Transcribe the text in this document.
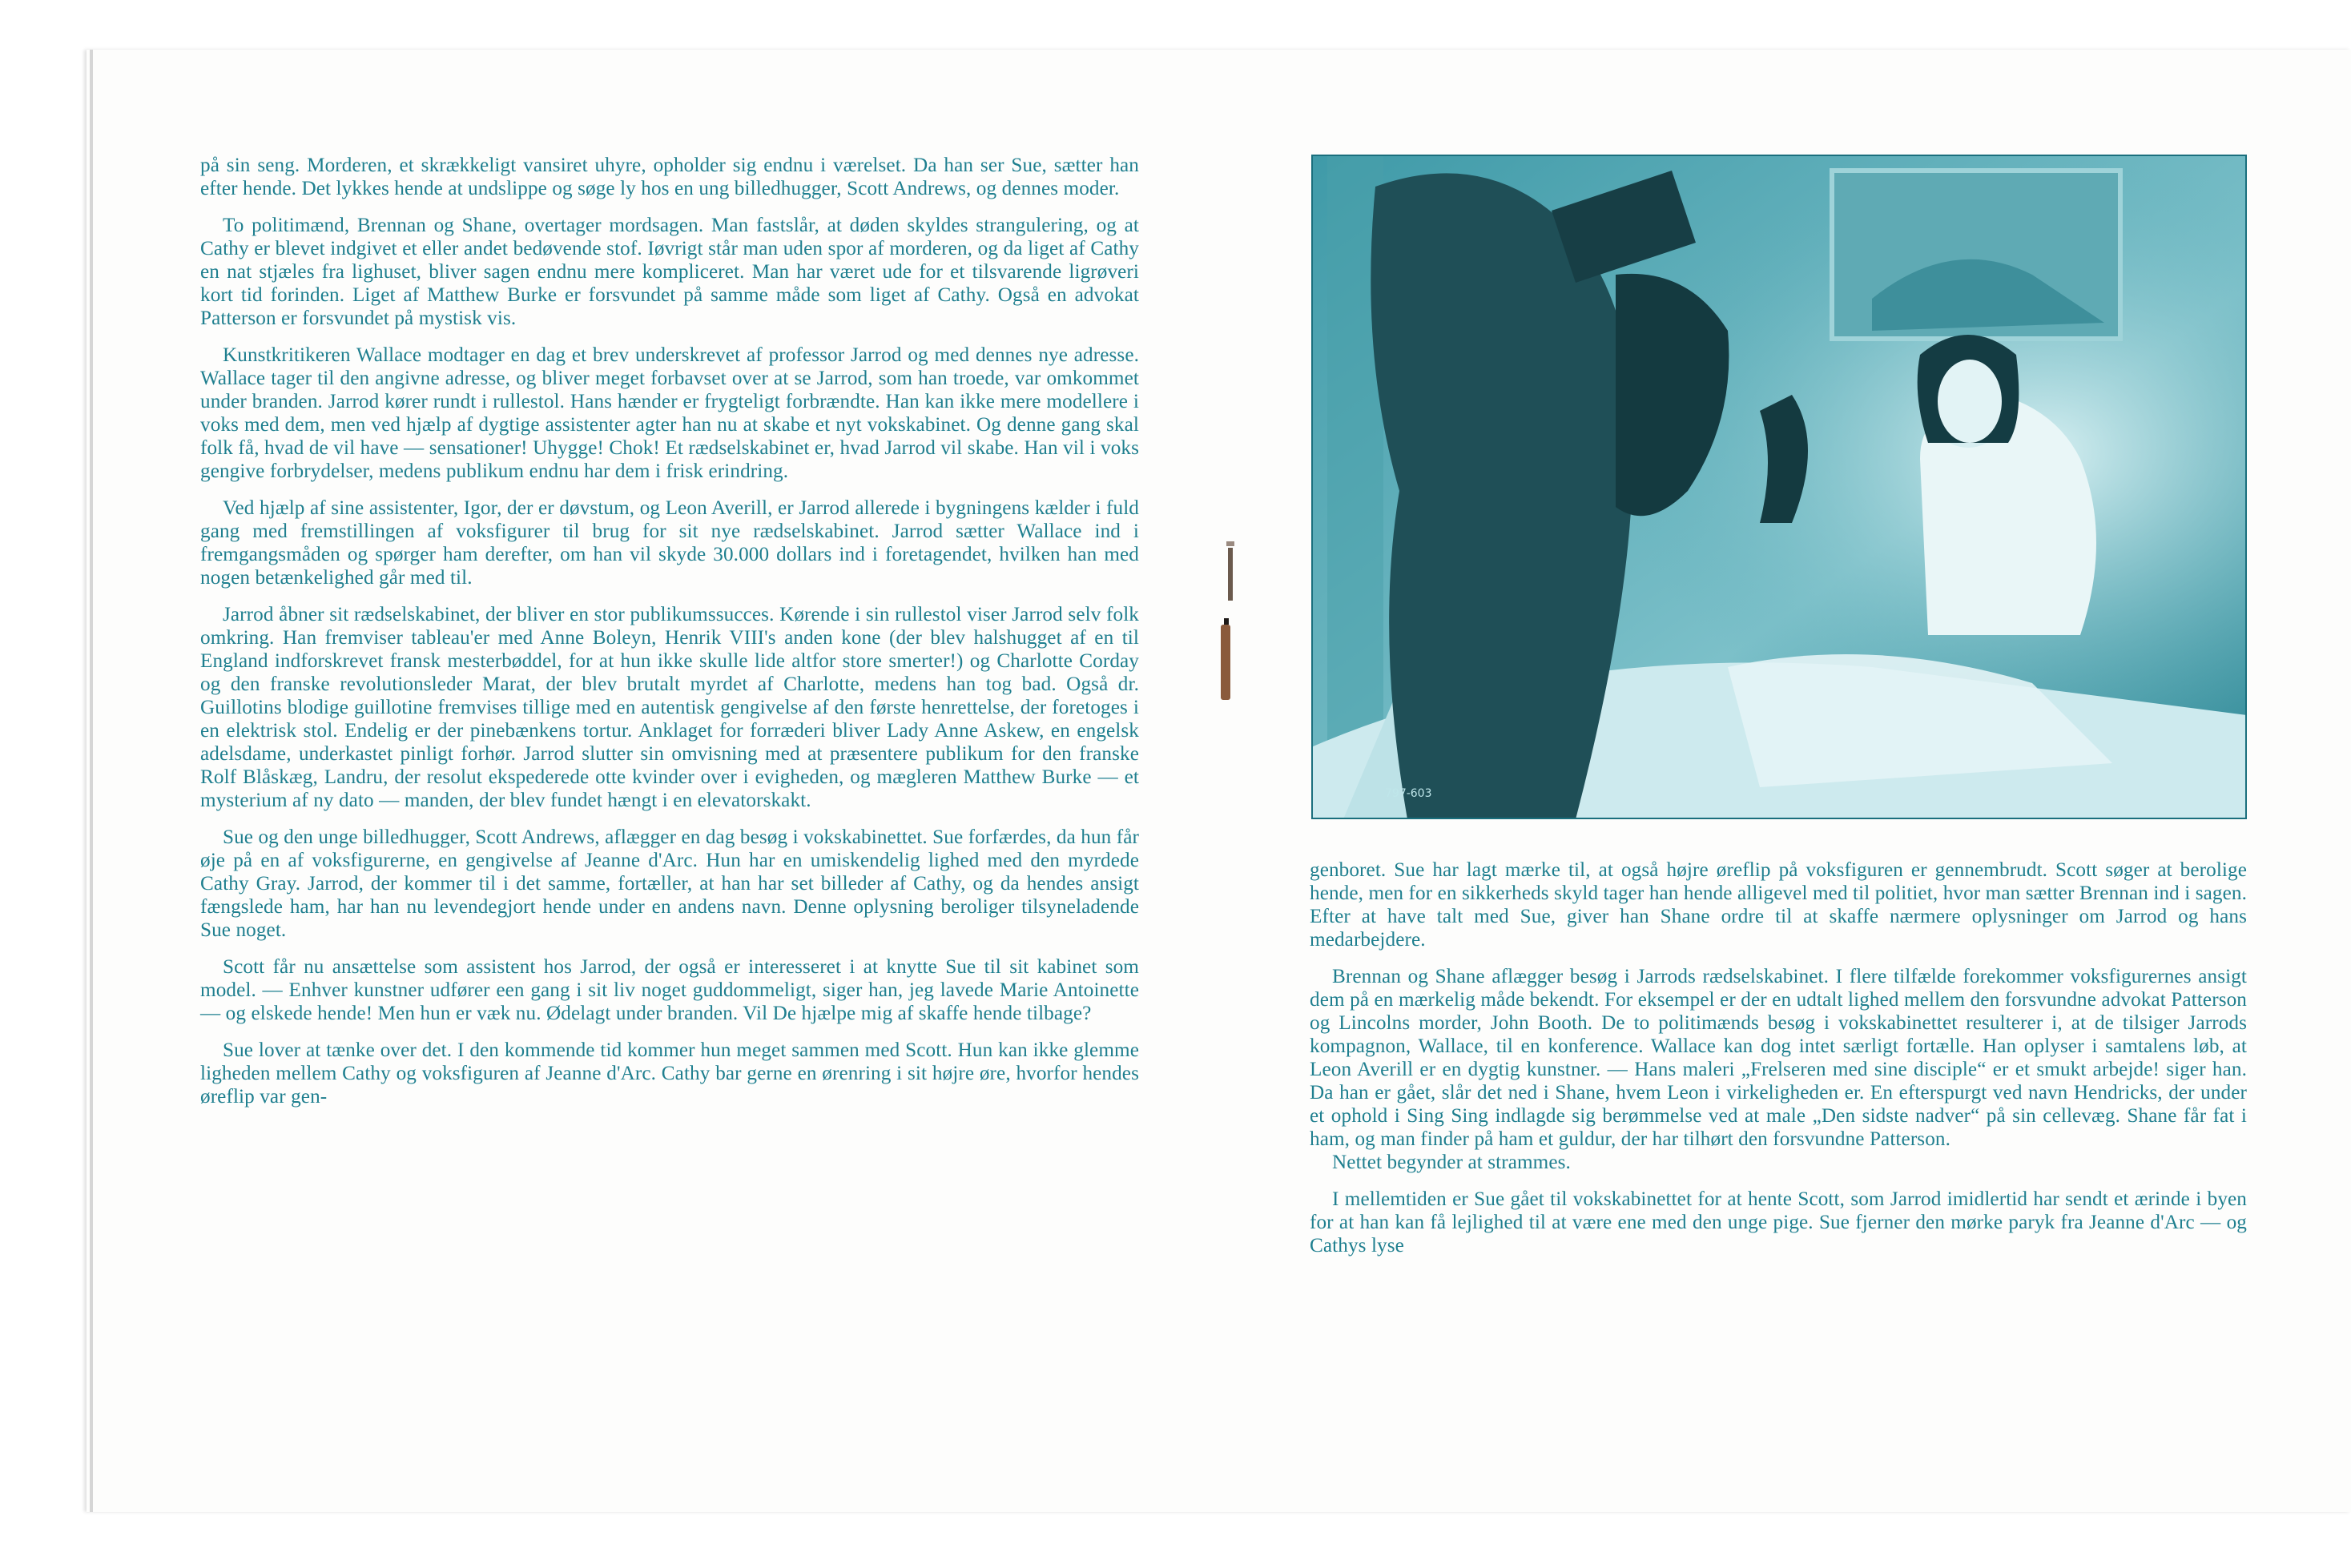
på sin seng. Morderen, et skrækkeligt vansiret uhyre, opholder sig endnu i værelset. Da han ser Sue, sætter han efter hende. Det lykkes hende at undslippe og søge ly hos en ung billedhugger, Scott Andrews, og dennes moder.

To politimænd, Brennan og Shane, overtager mordsagen. Man fastslår, at døden skyldes strangulering, og at Cathy er blevet indgivet et eller andet bedøvende stof. Iøvrigt står man uden spor af morderen, og da liget af Cathy en nat stjæles fra lighuset, bliver sagen endnu mere kompliceret. Man har været ude for et tilsvarende ligrøveri kort tid forinden. Liget af Matthew Burke er forsvundet på samme måde som liget af Cathy. Også en advokat Patterson er forsvundet på mystisk vis.

Kunstkritikeren Wallace modtager en dag et brev underskrevet af professor Jarrod og med dennes nye adresse. Wallace tager til den angivne adresse, og bliver meget forbavset over at se Jarrod, som han troede, var omkommet under branden. Jarrod kører rundt i rullestol. Hans hænder er frygteligt forbrændte. Han kan ikke mere modellere i voks med dem, men ved hjælp af dygtige assistenter agter han nu at skabe et nyt vokskabinet. Og denne gang skal folk få, hvad de vil have — sensationer! Uhygge! Chok! Et rædselskabinet er, hvad Jarrod vil skabe. Han vil i voks gengive forbrydelser, medens publikum endnu har dem i frisk erindring.

Ved hjælp af sine assistenter, Igor, der er døvstum, og Leon Averill, er Jarrod allerede i bygningens kælder i fuld gang med fremstillingen af voksfigurer til brug for sit nye rædselskabinet. Jarrod sætter Wallace ind i fremgangsmåden og spørger ham derefter, om han vil skyde 30.000 dollars ind i foretagendet, hvilken han med nogen betænkelighed går med til.

Jarrod åbner sit rædselskabinet, der bliver en stor publikumssucces. Kørende i sin rullestol viser Jarrod selv folk omkring. Han fremviser tableau'er med Anne Boleyn, Henrik VIII's anden kone (der blev halshugget af en til England indforskrevet fransk mesterbøddel, for at hun ikke skulle lide altfor store smerter!) og Charlotte Corday og den franske revolutionsleder Marat, der blev brutalt myrdet af Charlotte, medens han tog bad. Også dr. Guillotins blodige guillotine fremvises tillige med en autentisk gengivelse af den første henrettelse, der foretoges i en elektrisk stol. Endelig er der pinebænkens tortur. Anklaget for forræderi bliver Lady Anne Askew, en engelsk adelsdame, underkastet pinligt forhør. Jarrod slutter sin omvisning med at præsentere publikum for den franske Rolf Blåskæg, Landru, der resolut ekspederede otte kvinder over i evigheden, og mægleren Matthew Burke — et mysterium af ny dato — manden, der blev fundet hængt i en elevatorskakt.

Sue og den unge billedhugger, Scott Andrews, aflægger en dag besøg i vokskabinettet. Sue forfærdes, da hun får øje på en af voksfigurerne, en gengivelse af Jeanne d'Arc. Hun har en umiskendelig lighed med den myrdede Cathy Gray. Jarrod, der kommer til i det samme, fortæller, at han har set billeder af Cathy, og da hendes ansigt fængslede ham, har han nu levendegjort hende under en andens navn. Denne oplysning beroliger tilsyneladende Sue noget.

Scott får nu ansættelse som assistent hos Jarrod, der også er interesseret i at knytte Sue til sit kabinet som model. — Enhver kunstner udfører een gang i sit liv noget guddommeligt, siger han, jeg lavede Marie Antoinette — og elskede hende! Men hun er væk nu. Ødelagt under branden. Vil De hjælpe mig af skaffe hende tilbage?

Sue lover at tænke over det. I den kommende tid kommer hun meget sammen med Scott. Hun kan ikke glemme ligheden mellem Cathy og voksfiguren af Jeanne d'Arc. Cathy bar gerne en ørenring i sit højre øre, hvorfor hendes øreflip var gen-

797-603

genboret. Sue har lagt mærke til, at også højre øreflip på voksfiguren er gennembrudt. Scott søger at berolige hende, men for en sikkerheds skyld tager han hende alligevel med til politiet, hvor man sætter Brennan ind i sagen. Efter at have talt med Sue, giver han Shane ordre til at skaffe nærmere oplysninger om Jarrod og hans medarbejdere.

Brennan og Shane aflægger besøg i Jarrods rædselskabinet. I flere tilfælde forekommer voksfigurernes ansigt dem på en mærkelig måde bekendt. For eksempel er der en udtalt lighed mellem den forsvundne advokat Patterson og Lincolns morder, John Booth. De to politimænds besøg i vokskabinettet resulterer i, at de tilsiger Jarrods kompagnon, Wallace, til en konference. Wallace kan dog intet særligt fortælle. Han oplyser i samtalens løb, at Leon Averill er en dygtig kunstner. — Hans maleri „Frelseren med sine disciple“ er et smukt arbejde! siger han. Da han er gået, slår det ned i Shane, hvem Leon i virkeligheden er. En efterspurgt ved navn Hendricks, der under et ophold i Sing Sing indlagde sig berømmelse ved at male „Den sidste nadver“ på sin cellevæg. Shane får fat i ham, og man finder på ham et guldur, der har tilhørt den forsvundne Patterson.

Nettet begynder at strammes.

I mellemtiden er Sue gået til vokskabinettet for at hente Scott, som Jarrod imidlertid har sendt et ærinde i byen for at han kan få lejlighed til at være ene med den unge pige. Sue fjerner den mørke paryk fra Jeanne d'Arc — og Cathys lyse
